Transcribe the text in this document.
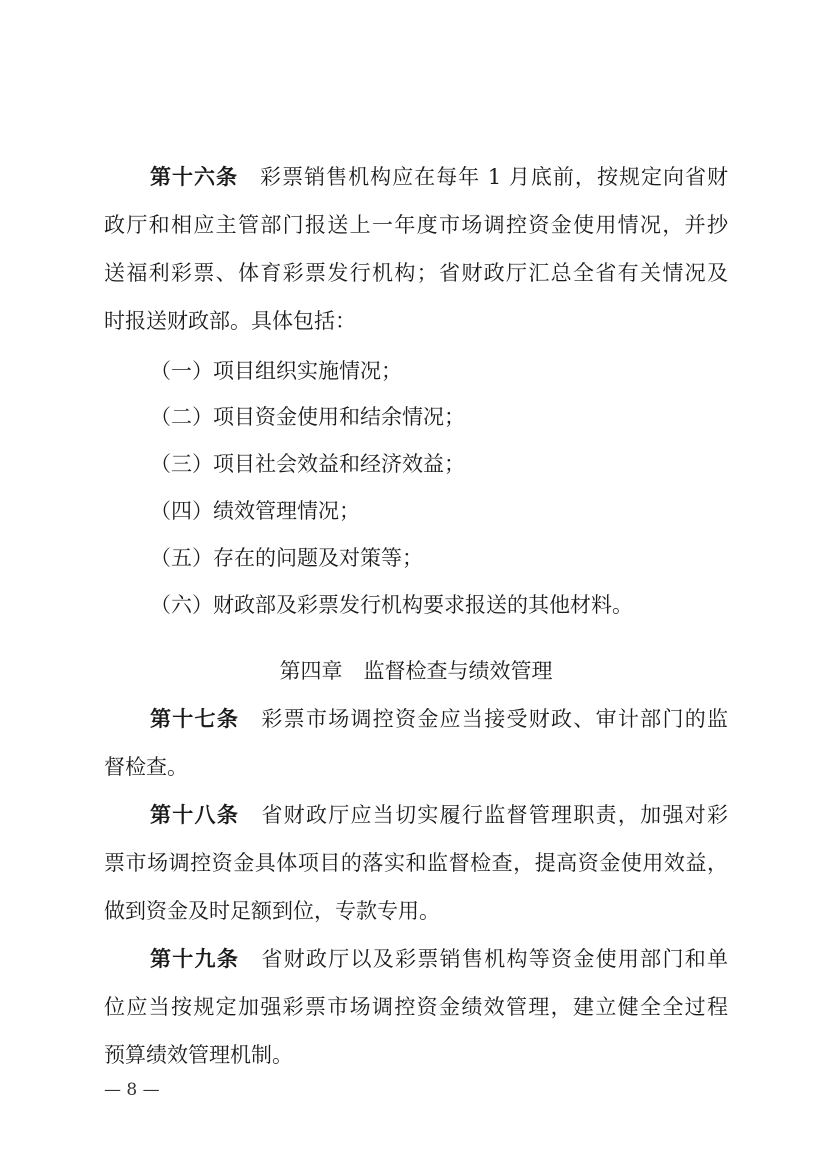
第十六条 彩票销售机构应在每年 1 月底前，按规定向省财
政厅和相应主管部门报送上一年度市场调控资金使用情况，并抄
送福利彩票、体育彩票发行机构；省财政厅汇总全省有关情况及
时报送财政部。具体包括：
（一）项目组织实施情况；
（二）项目资金使用和结余情况；
（三）项目社会效益和经济效益；
（四）绩效管理情况；
（五）存在的问题及对策等；
（六）财政部及彩票发行机构要求报送的其他材料。
第四章 监督检查与绩效管理
第十七条 彩票市场调控资金应当接受财政、审计部门的监
督检查。
第十八条 省财政厅应当切实履行监督管理职责，加强对彩
票市场调控资金具体项目的落实和监督检查，提高资金使用效益，
做到资金及时足额到位，专款专用。
第十九条 省财政厅以及彩票销售机构等资金使用部门和单
位应当按规定加强彩票市场调控资金绩效管理，建立健全全过程
预算绩效管理机制。
— 8 —
